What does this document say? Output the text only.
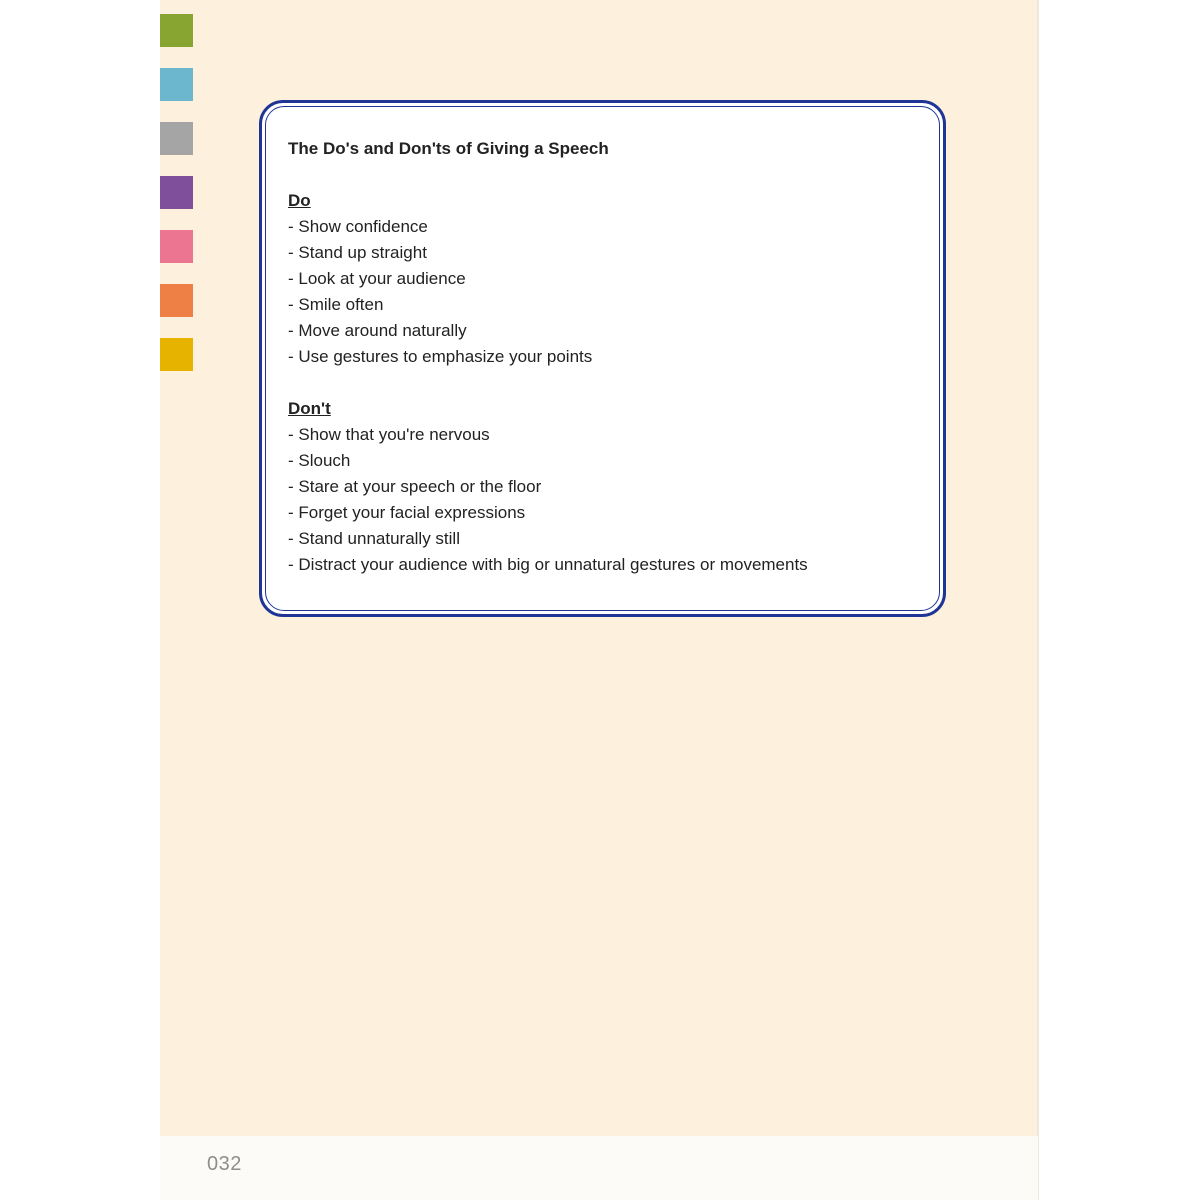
The Do's and Don'ts of Giving a Speech
Do
- Show confidence
- Stand up straight
- Look at your audience
- Smile often
- Move around naturally
- Use gestures to emphasize your points
Don't
- Show that you're nervous
- Slouch
- Stare at your speech or the floor
- Forget your facial expressions
- Stand unnaturally still
- Distract your audience with big or unnatural gestures or movements
032
